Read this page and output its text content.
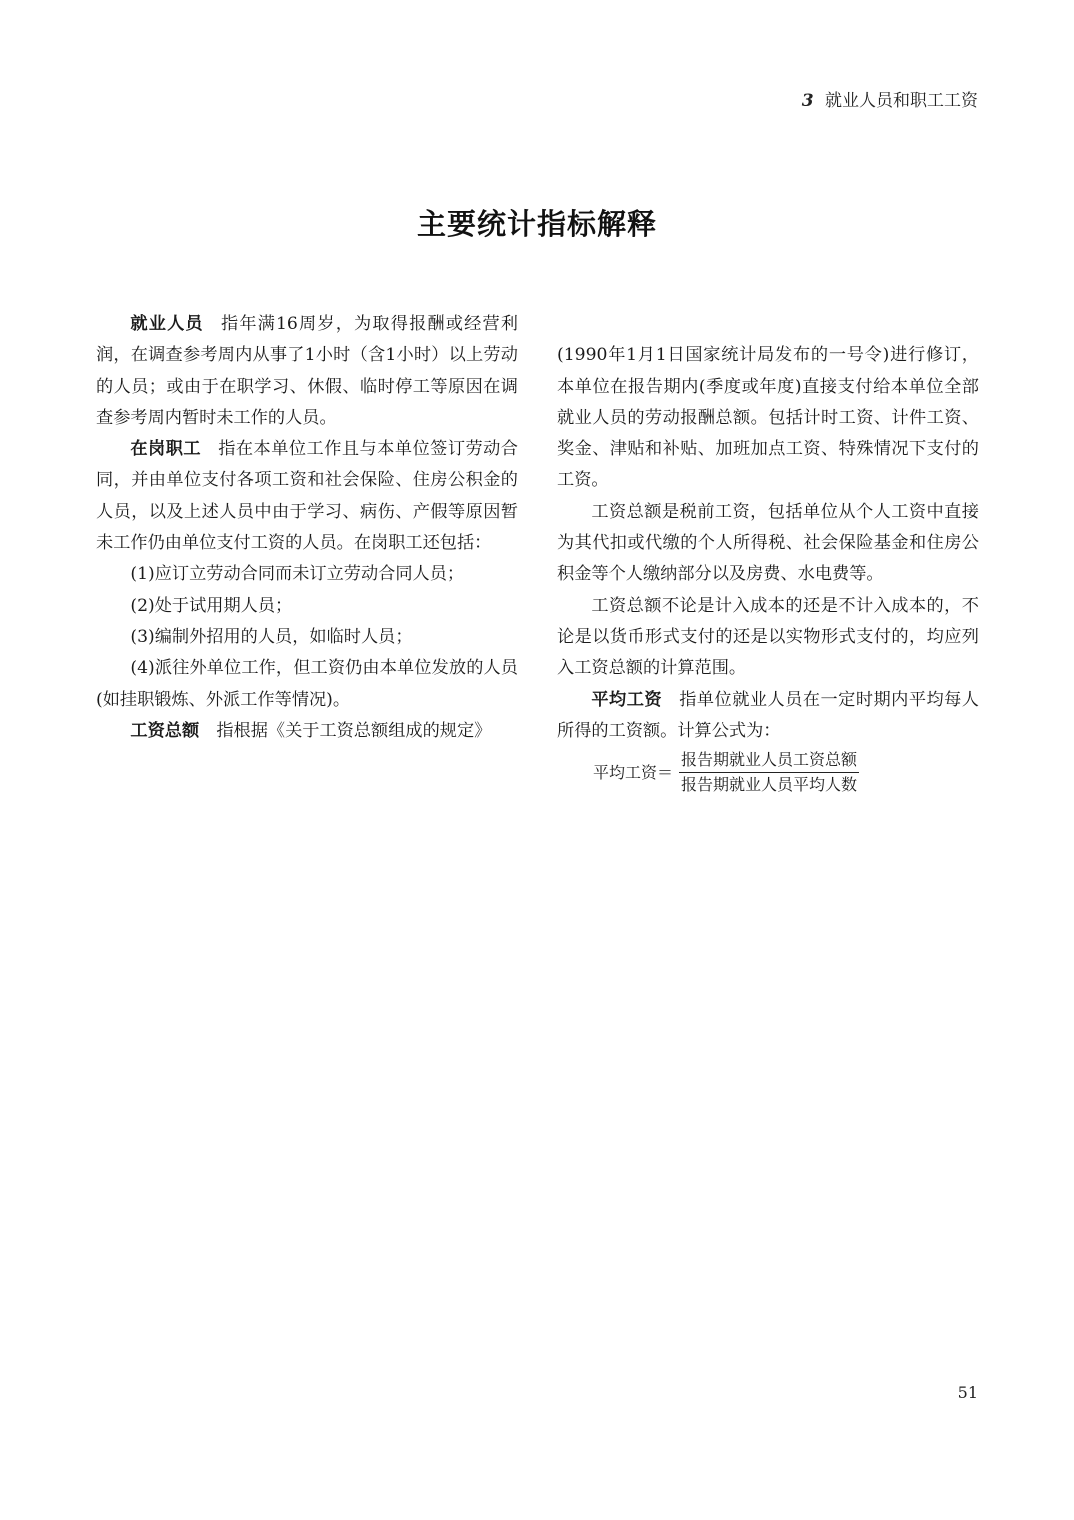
3 就业人员和职工工资
主要统计指标解释

就业人员 指年满16周岁，为取得报酬或经营利润，在调查参考周内从事了1小时（含1小时）以上劳动的人员；或由于在职学习、休假、临时停工等原因在调查参考周内暂时未工作的人员。

在岗职工 指在本单位工作且与本单位签订劳动合同，并由单位支付各项工资和社会保险、住房公积金的人员，以及上述人员中由于学习、病伤、产假等原因暂未工作仍由单位支付工资的人员。在岗职工还包括：

(1)应订立劳动合同而未订立劳动合同人员；

(2)处于试用期人员；

(3)编制外招用的人员，如临时人员；

(4)派往外单位工作，但工资仍由本单位发放的人员(如挂职锻炼、外派工作等情况)。

工资总额 指根据《关于工资总额组成的规定》

(1990年1月1日国家统计局发布的一号令)进行修订，本单位在报告期内(季度或年度)直接支付给本单位全部就业人员的劳动报酬总额。包括计时工资、计件工资、奖金、津贴和补贴、加班加点工资、特殊情况下支付的工资。

工资总额是税前工资，包括单位从个人工资中直接为其代扣或代缴的个人所得税、社会保险基金和住房公积金等个人缴纳部分以及房费、水电费等。

工资总额不论是计入成本的还是不计入成本的，不论是以货币形式支付的还是以实物形式支付的，均应列入工资总额的计算范围。

平均工资 指单位就业人员在一定时期内平均每人所得的工资额。计算公式为：

平均工资＝ $\frac{\text{报告期就业人员工资总额}}{\text{报告期就业人员平均人数}}$
51
